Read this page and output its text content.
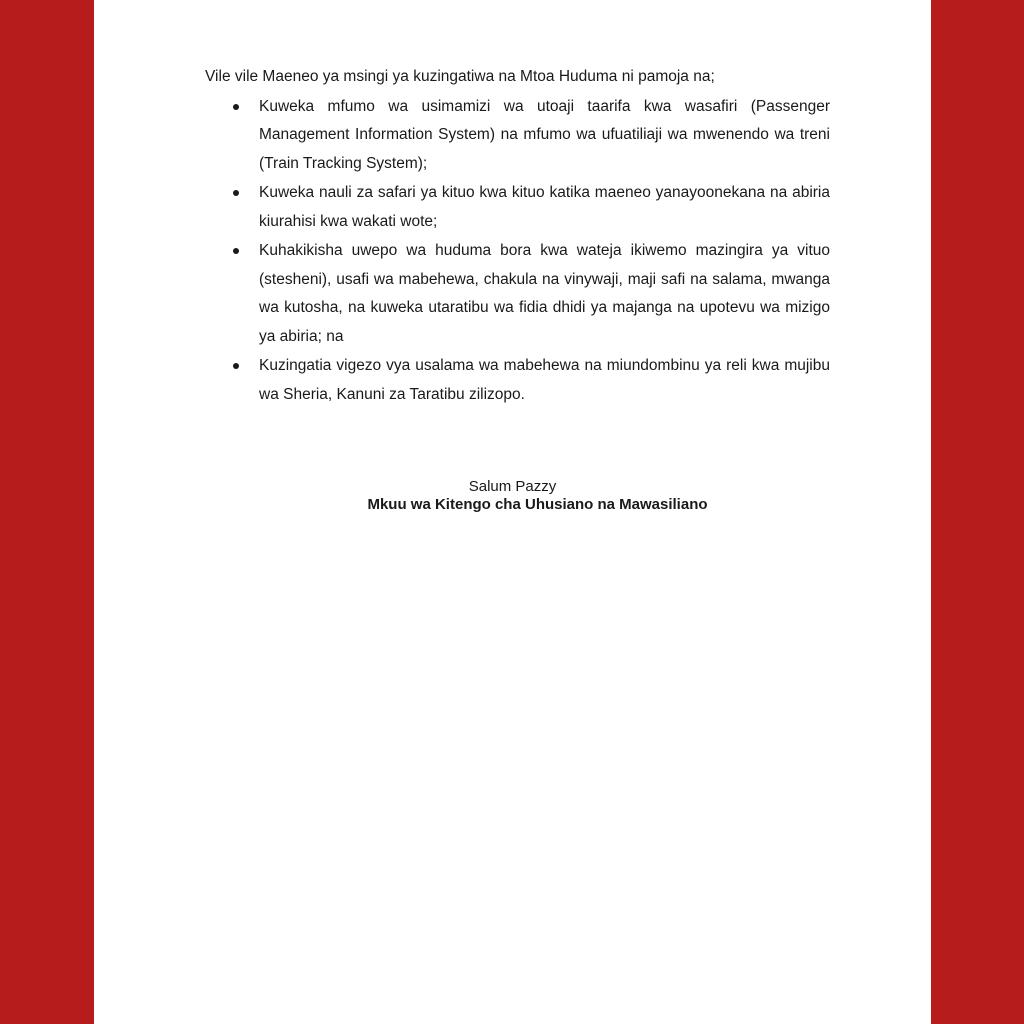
Vile vile Maeneo ya msingi ya kuzingatiwa na Mtoa Huduma ni pamoja na;

Kuweka mfumo wa usimamizi wa utoaji taarifa kwa wasafiri (Passenger Management Information System) na mfumo wa ufuatiliaji wa mwenendo wa treni (Train Tracking System);
Kuweka nauli za safari ya kituo kwa kituo katika maeneo yanayoonekana na abiria kiurahisi kwa wakati wote;
Kuhakikisha uwepo wa huduma bora kwa wateja ikiwemo mazingira ya vituo (stesheni), usafi wa mabehewa, chakula na vinywaji, maji safi na salama, mwanga wa kutosha, na kuweka utaratibu wa fidia dhidi ya majanga na upotevu wa mizigo ya abiria; na
Kuzingatia vigezo vya usalama wa mabehewa na miundombinu ya reli kwa mujibu wa Sheria, Kanuni za Taratibu zilizopo.
Salum Pazzy
Mkuu wa Kitengo cha Uhusiano na Mawasiliano
